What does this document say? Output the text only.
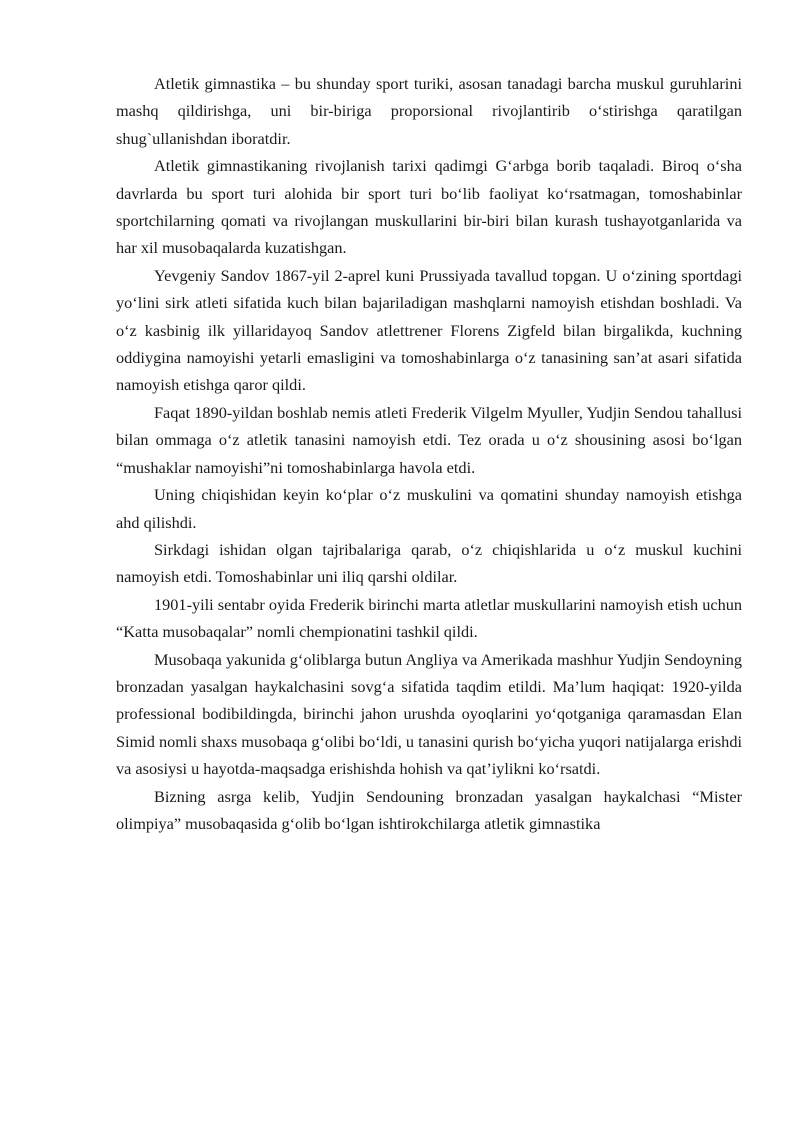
Atletik gimnastika – bu shunday sport turiki, asosan tanadagi barcha muskul guruhlarini mashq qildirishga, uni bir-biriga proporsional rivojlantirib o‘stirishga qaratilgan shug`ullanishdan iboratdir.

Atletik gimnastikaning rivojlanish tarixi qadimgi G‘arbga borib taqaladi. Biroq o‘sha davrlarda bu sport turi alohida bir sport turi bo‘lib faoliyat ko‘rsatmagan, tomoshabinlar sportchilarning qomati va rivojlangan muskullarini bir-biri bilan kurash tushayotganlarida va har xil musobaqalarda kuzatishgan.

Yevgeniy Sandov 1867-yil 2-aprel kuni Prussiyada tavallud topgan. U o‘zining sportdagi yo‘lini sirk atleti sifatida kuch bilan bajariladigan mashqlarni namoyish etishdan boshladi. Va o‘z kasbinig ilk yillaridayoq Sandov atlettrener Florens Zigfeld bilan birgalikda, kuchning oddiygina namoyishi yetarli emasligini va tomoshabinlarga o‘z tanasining san’at asari sifatida namoyish etishga qaror qildi.

Faqat 1890-yildan boshlab nemis atleti Frederik Vilgelm Myuller, Yudjin Sendou tahallusi bilan ommaga o‘z atletik tanasini namoyish etdi. Tez orada u o‘z shousining asosi bo‘lgan “mushaklar namoyishi”ni tomoshabinlarga havola etdi.

Uning chiqishidan keyin ko‘plar o‘z muskulini va qomatini shunday namoyish etishga ahd qilishdi.

Sirkdagi ishidan olgan tajribalariga qarab, o‘z chiqishlarida u o‘z muskul kuchini namoyish etdi. Tomoshabinlar uni iliq qarshi oldilar.

1901-yili sentabr oyida Frederik birinchi marta atletlar muskullarini namoyish etish uchun “Katta musobaqalar” nomli chempionatini tashkil qildi.

Musobaqa yakunida g‘oliblarga butun Angliya va Amerikada mashhur Yudjin Sendoyning bronzadan yasalgan haykalchasini sovg‘a sifatida taqdim etildi. Ma’lum haqiqat: 1920-yilda professional bodibildingda, birinchi jahon urushda oyoqlarini yo‘qotganiga qaramasdan Elan Simid nomli shaxs musobaqa g‘olibi bo‘ldi, u tanasini qurish bo‘yicha yuqori natijalarga erishdi va asosiysi u hayotda-maqsadga erishishda hohish va qat’iylikni ko‘rsatdi.

Bizning asrga kelib, Yudjin Sendouning bronzadan yasalgan haykalchasi “Mister olimpiya” musobaqasida g‘olib bo‘lgan ishtirokchilarga atletik gimnastika
